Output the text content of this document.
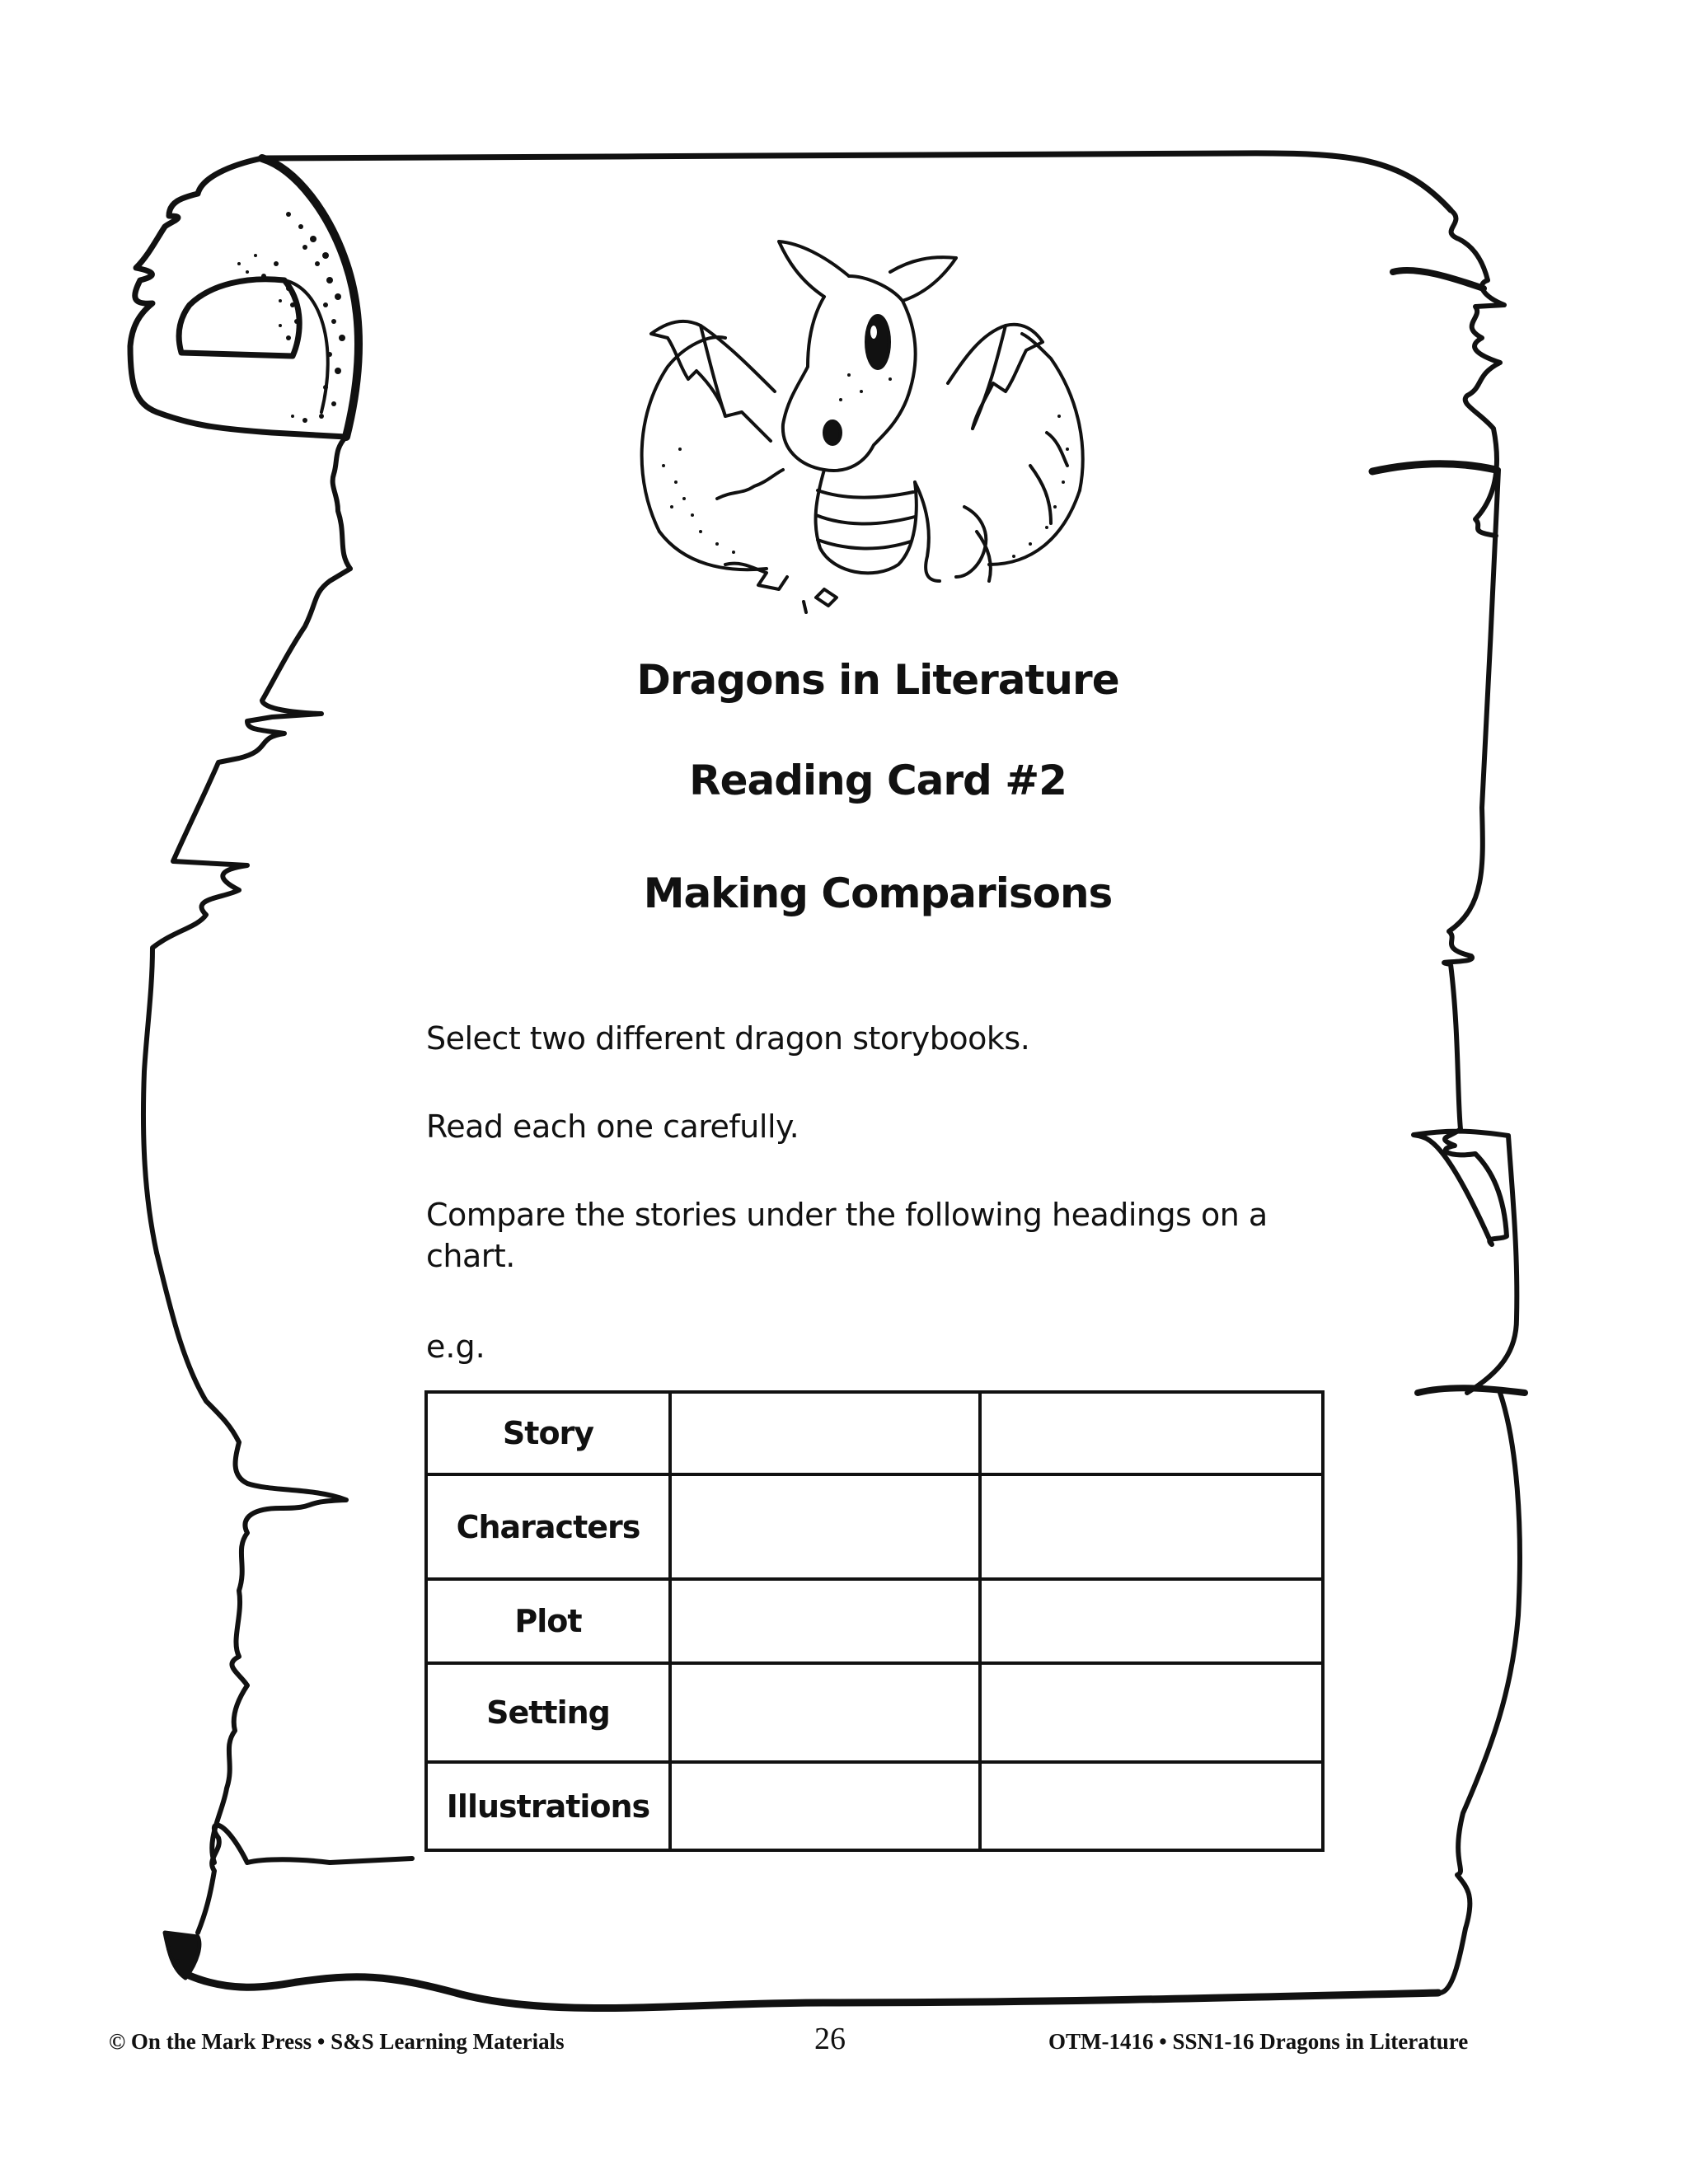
Dragons in Literature
Reading Card #2
Making Comparisons

Select two different dragon storybooks.

Read each one carefully.

Compare the stories under the following headings on a chart.

e.g.
Story
Characters
Plot
Setting
Illustrations
© On the Mark Press • S&S Learning Materials	26	OTM-1416 • SSN1-16 Dragons in Literature
